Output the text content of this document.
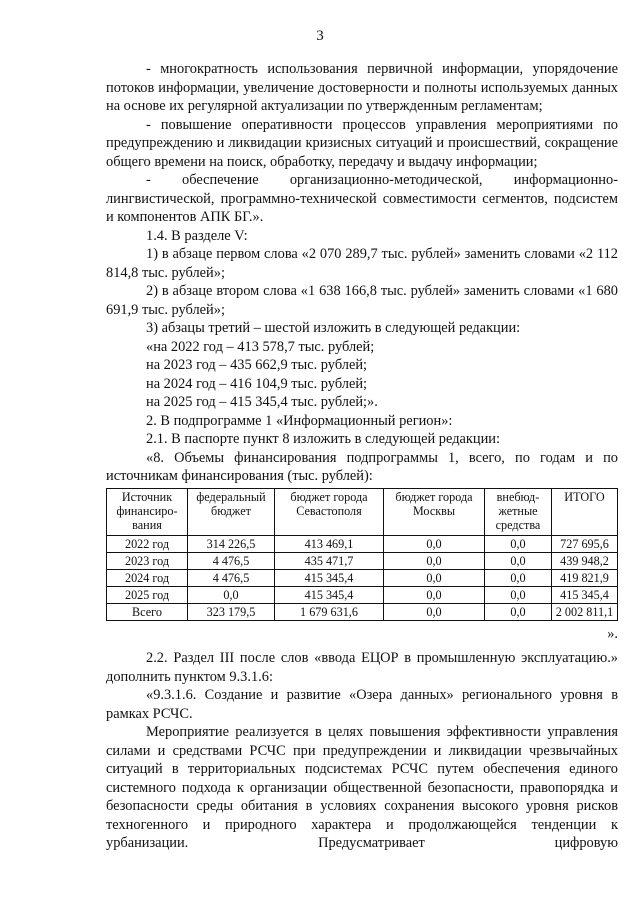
3

- многократность использования первичной информации, упорядочение потоков информации, увеличение достоверности и полноты используемых данных на основе их регулярной актуализации по утвержденным регламентам;

- повышение оперативности процессов управления мероприятиями по предупреждению и ликвидации кризисных ситуаций и происшествий, сокращение общего времени на поиск, обработку, передачу и выдачу информации;

- обеспечение организационно-методической, информационно-лингвистической, программно-технической совместимости сегментов, подсистем и компонентов АПК БГ.».

1.4. В разделе V:

1) в абзаце первом слова «2 070 289,7 тыс. рублей» заменить словами «2 112 814,8 тыс. рублей»;

2) в абзаце втором слова «1 638 166,8 тыс. рублей» заменить словами «1 680 691,9 тыс. рублей»;

3) абзацы третий – шестой изложить в следующей редакции:

«на 2022 год – 413 578,7 тыс. рублей;

на 2023 год – 435 662,9 тыс. рублей;

на 2024 год – 416 104,9 тыс. рублей;

на 2025 год – 415 345,4 тыс. рублей;».

2. В подпрограмме 1 «Информационный регион»:

2.1. В паспорте пункт 8 изложить в следующей редакции:

«8. Объемы финансирования подпрограммы 1, всего, по годам и по источникам финансирования (тыс. рублей):

Источник финансиро-вания	федеральный бюджет	бюджет города Севастополя	бюджет города Москвы	внебюд-жетные средства	ИТОГО
2022 год	314 226,5	413 469,1	0,0	0,0	727 695,6
2023 год	4 476,5	435 471,7	0,0	0,0	439 948,2
2024 год	4 476,5	415 345,4	0,0	0,0	419 821,9
2025 год	0,0	415 345,4	0,0	0,0	415 345,4
Всего	323 179,5	1 679 631,6	0,0	0,0	2 002 811,1

».

2.2. Раздел III после слов «ввода ЕЦОР в промышленную эксплуатацию.» дополнить пунктом 9.3.1.6:

«9.3.1.6. Создание и развитие «Озера данных» регионального уровня в рамках РСЧС.

Мероприятие реализуется в целях повышения эффективности управления силами и средствами РСЧС при предупреждении и ликвидации чрезвычайных ситуаций в территориальных подсистемах РСЧС путем обеспечения единого системного подхода к организации общественной безопасности, правопорядка и безопасности среды обитания в условиях сохранения высокого уровня рисков техногенного и природного характера и продолжающейся тенденции к урбанизации. Предусматривает цифровую
